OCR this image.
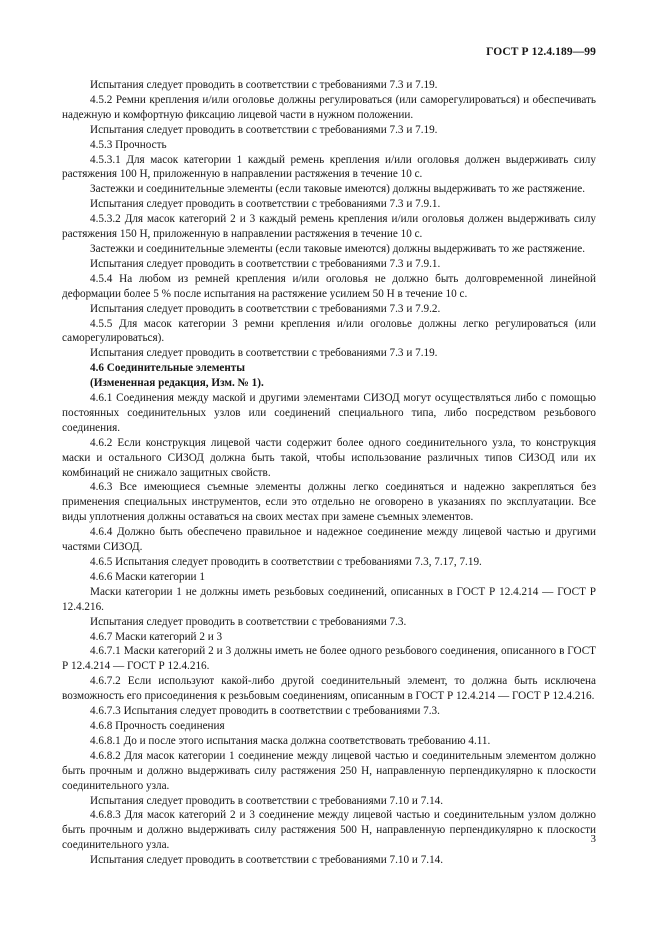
ГОСТ Р 12.4.189—99

Испытания следует проводить в соответствии с требованиями 7.3 и 7.19.

4.5.2 Ремни крепления и/или оголовье должны регулироваться (или саморегулироваться) и обеспечивать надежную и комфортную фиксацию лицевой части в нужном положении.

Испытания следует проводить в соответствии с требованиями 7.3 и 7.19.

4.5.3 Прочность

4.5.3.1 Для масок категории 1 каждый ремень крепления и/или оголовья должен выдерживать силу растяжения 100 Н, приложенную в направлении растяжения в течение 10 с.

Застежки и соединительные элементы (если таковые имеются) должны выдерживать то же растяжение.

Испытания следует проводить в соответствии с требованиями 7.3 и 7.9.1.

4.5.3.2 Для масок категорий 2 и 3 каждый ремень крепления и/или оголовья должен выдерживать силу растяжения 150 Н, приложенную в направлении растяжения в течение 10 с.

Застежки и соединительные элементы (если таковые имеются) должны выдерживать то же растяжение.

Испытания следует проводить в соответствии с требованиями 7.3 и 7.9.1.

4.5.4 На любом из ремней крепления и/или оголовья не должно быть долговременной линейной деформации более 5 % после испытания на растяжение усилием 50 Н в течение 10 с.

Испытания следует проводить в соответствии с требованиями 7.3 и 7.9.2.

4.5.5 Для масок категории 3 ремни крепления и/или оголовье должны легко регулироваться (или саморегулироваться).

Испытания следует проводить в соответствии с требованиями 7.3 и 7.19.

4.6 Соединительные элементы

(Измененная редакция, Изм. № 1).

4.6.1 Соединения между маской и другими элементами СИЗОД могут осуществляться либо с помощью постоянных соединительных узлов или соединений специального типа, либо посредством резьбового соединения.

4.6.2 Если конструкция лицевой части содержит более одного соединительного узла, то конструкция маски и остального СИЗОД должна быть такой, чтобы использование различных типов СИЗОД или их комбинаций не снижало защитных свойств.

4.6.3 Все имеющиеся съемные элементы должны легко соединяться и надежно закрепляться без применения специальных инструментов, если это отдельно не оговорено в указаниях по эксплуатации. Все виды уплотнения должны оставаться на своих местах при замене съемных элементов.

4.6.4 Должно быть обеспечено правильное и надежное соединение между лицевой частью и другими частями СИЗОД.

4.6.5 Испытания следует проводить в соответствии с требованиями 7.3, 7.17, 7.19.

4.6.6 Маски категории 1

Маски категории 1 не должны иметь резьбовых соединений, описанных в ГОСТ Р 12.4.214 — ГОСТ Р 12.4.216.

Испытания следует проводить в соответствии с требованиями 7.3.

4.6.7 Маски категорий 2 и 3

4.6.7.1 Маски категорий 2 и 3 должны иметь не более одного резьбового соединения, описанного в ГОСТ Р 12.4.214 — ГОСТ Р 12.4.216.

4.6.7.2 Если используют какой-либо другой соединительный элемент, то должна быть исключена возможность его присоединения к резьбовым соединениям, описанным в ГОСТ Р 12.4.214 — ГОСТ Р 12.4.216.

4.6.7.3 Испытания следует проводить в соответствии с требованиями 7.3.

4.6.8 Прочность соединения

4.6.8.1 До и после этого испытания маска должна соответствовать требованию 4.11.

4.6.8.2 Для масок категории 1 соединение между лицевой частью и соединительным элементом должно быть прочным и должно выдерживать силу растяжения 250 Н, направленную перпендикулярно к плоскости соединительного узла.

Испытания следует проводить в соответствии с требованиями 7.10 и 7.14.

4.6.8.3 Для масок категорий 2 и 3 соединение между лицевой частью и соединительным узлом должно быть прочным и должно выдерживать силу растяжения 500 Н, направленную перпендикулярно к плоскости соединительного узла.

Испытания следует проводить в соответствии с требованиями 7.10 и 7.14.

3
